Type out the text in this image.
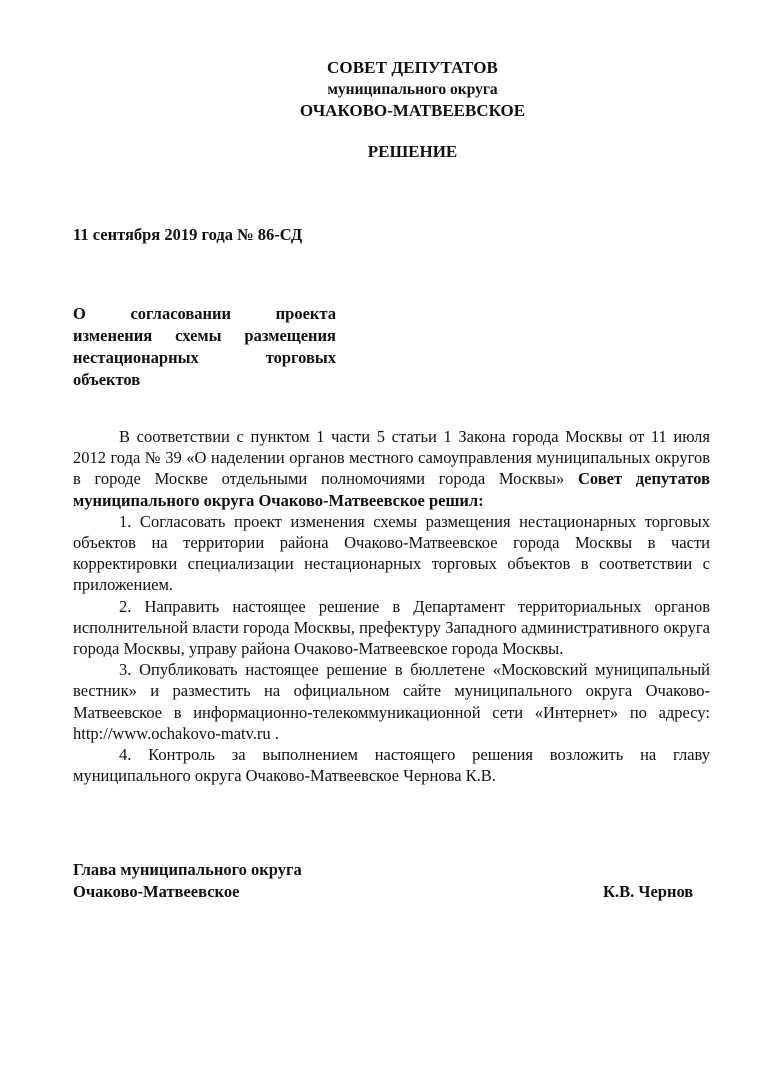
СОВЕТ ДЕПУТАТОВ
муниципального округа
ОЧАКОВО-МАТВЕЕВСКОЕ
РЕШЕНИЕ
11 сентября 2019 года № 86-СД
О	согласовании	проекта
изменения схемы размещения
нестационарных	торговых
объектов

В соответствии с пунктом 1 части 5 статьи 1 Закона города Москвы от 11 июля 2012 года № 39 «О наделении органов местного самоуправления муниципальных округов в городе Москве отдельными полномочиями города Москвы» Совет депутатов муниципального округа Очаково-Матвеевское решил:

1. Согласовать проект изменения схемы размещения нестационарных торговых объектов на территории района Очаково-Матвеевское города Москвы в части корректировки специализации нестационарных торговых объектов в соответствии с приложением.

2. Направить настоящее решение в Департамент территориальных органов исполнительной власти города Москвы, префектуру Западного административного округа города Москвы, управу района Очаково-Матвеевское города Москвы.

3. Опубликовать настоящее решение в бюллетене «Московский муниципальный вестник» и разместить на официальном сайте муниципального округа Очаково-Матвеевское в информационно-телекоммуникационной сети «Интернет» по адресу: http://www.ochakovo-matv.ru .

4. Контроль за выполнением настоящего решения возложить на главу муниципального округа Очаково-Матвеевское Чернова К.В.

Глава муниципального округа
Очаково-Матвеевское	К.В. Чернов
